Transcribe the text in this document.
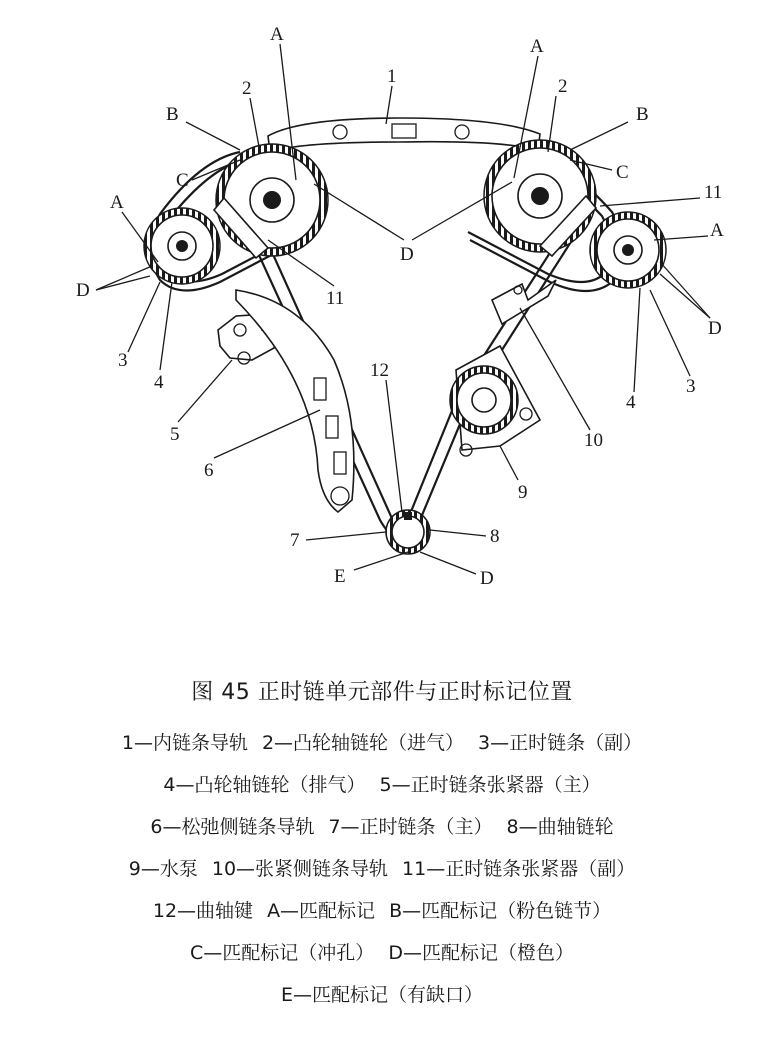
1
2	2
A
A
B	B
C	C
A
A
D
D
D
11
11
3
3
4
4
5
6
12
10
9
7	8
E	D
图 45 正时链单元部件与正时标记位置
1—内链条导轨 2—凸轮轴链轮（进气） 3—正时链条（副）
4—凸轮轴链轮（排气） 5—正时链条张紧器（主）
6—松弛侧链条导轨 7—正时链条（主） 8—曲轴链轮
9—水泵 10—张紧侧链条导轨 11—正时链条张紧器（副）
12—曲轴键 A—匹配标记 B—匹配标记（粉色链节）
C—匹配标记（冲孔） D—匹配标记（橙色）
E—匹配标记（有缺口）
